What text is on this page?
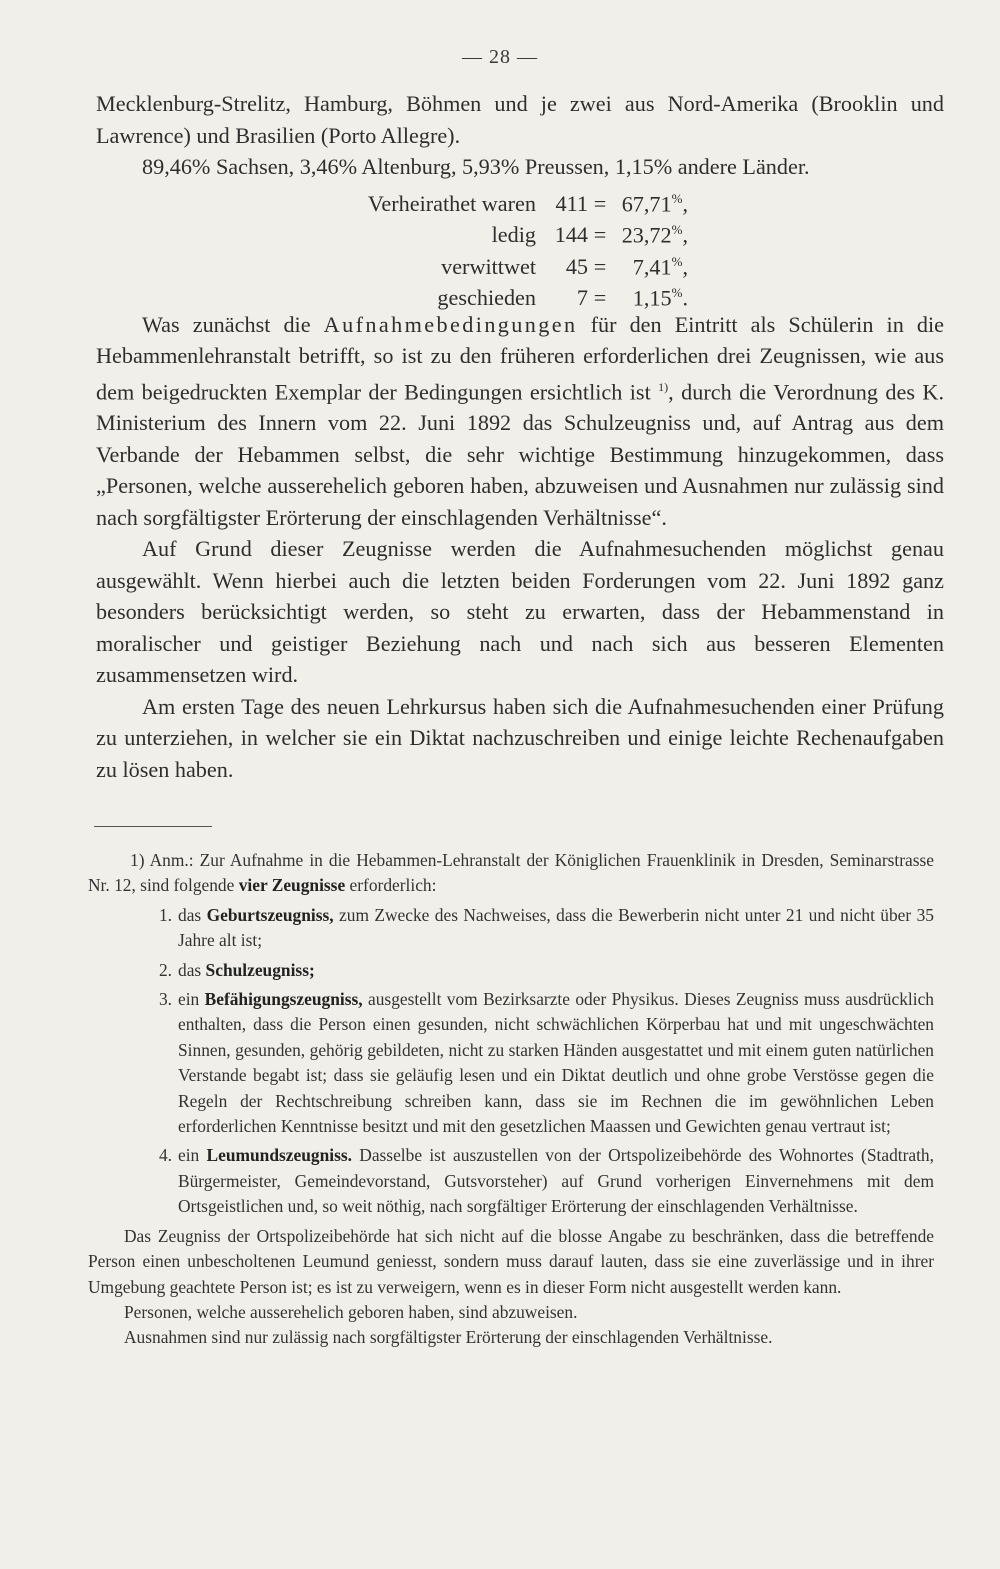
— 28 —

Mecklenburg-Strelitz, Hamburg, Böhmen und je zwei aus Nord-Amerika (Brooklin und Lawrence) und Brasilien (Porto Allegre).

89,46% Sachsen, 3,46% Altenburg, 5,93% Preussen, 1,15% andere Länder.

Verheirathet waren 411 = 67,71%,
ledig 144 = 23,72%,
verwittwet	45 =	7,41%,
geschieden	7 =	1,15%.

Was zunächst die Aufnahmebedingungen für den Eintritt als Schülerin in die Hebammenlehranstalt betrifft, so ist zu den früheren erforderlichen drei Zeugnissen, wie aus dem beigedruckten Exemplar der Bedingungen ersichtlich ist $^{1)}$, durch die Verordnung des K. Ministerium des Innern vom 22. Juni 1892 das Schulzeugniss und, auf Antrag aus dem Verbande der Hebammen selbst, die sehr wichtige Bestimmung hinzugekommen, dass „Personen, welche ausserehelich geboren haben, abzuweisen und Ausnahmen nur zulässig sind nach sorgfältigster Erörterung der einschlagenden Verhältnisse“.

Auf Grund dieser Zeugnisse werden die Aufnahmesuchenden möglichst genau ausgewählt. Wenn hierbei auch die letzten beiden Forderungen vom 22. Juni 1892 ganz besonders berücksichtigt werden, so steht zu erwarten, dass der Hebammenstand in moralischer und geistiger Beziehung nach und nach sich aus besseren Elementen zusammensetzen wird.

Am ersten Tage des neuen Lehrkursus haben sich die Aufnahmesuchenden einer Prüfung zu unterziehen, in welcher sie ein Diktat nachzuschreiben und einige leichte Rechenaufgaben zu lösen haben.

1) Anm.: Zur Aufnahme in die Hebammen-Lehranstalt der Königlichen Frauenklinik in Dresden, Seminarstrasse Nr. 12, sind folgende vier Zeugnisse erforderlich:

1. das Geburtszeugniss, zum Zwecke des Nachweises, dass die Bewerberin nicht unter 21 und nicht über 35 Jahre alt ist;
2. das Schulzeugniss;
3. ein Befähigungszeugniss, ausgestellt vom Bezirksarzte oder Physikus. Dieses Zeugniss muss ausdrücklich enthalten, dass die Person einen gesunden, nicht schwächlichen Körperbau hat und mit ungeschwächten Sinnen, gesunden, gehörig gebildeten, nicht zu starken Händen ausgestattet und mit einem guten natürlichen Verstande begabt ist; dass sie geläufig lesen und ein Diktat deutlich und ohne grobe Verstösse gegen die Regeln der Rechtschreibung schreiben kann, dass sie im Rechnen die im gewöhnlichen Leben erforderlichen Kenntnisse besitzt und mit den gesetzlichen Maassen und Gewichten genau vertraut ist;
4. ein Leumundszeugniss. Dasselbe ist auszustellen von der Ortspolizeibehörde des Wohnortes (Stadtrath, Bürgermeister, Gemeindevorstand, Gutsvorsteher) auf Grund vorherigen Einvernehmens mit dem Ortsgeistlichen und, so weit nöthig, nach sorgfältiger Erörterung der einschlagenden Verhältnisse.

Das Zeugniss der Ortspolizeibehörde hat sich nicht auf die blosse Angabe zu beschränken, dass die betreffende Person einen unbescholtenen Leumund geniesst, sondern muss darauf lauten, dass sie eine zuverlässige und in ihrer Umgebung geachtete Person ist; es ist zu verweigern, wenn es in dieser Form nicht ausgestellt werden kann.

Personen, welche ausserehelich geboren haben, sind abzuweisen.

Ausnahmen sind nur zulässig nach sorgfältigster Erörterung der einschlagenden Verhältnisse.
